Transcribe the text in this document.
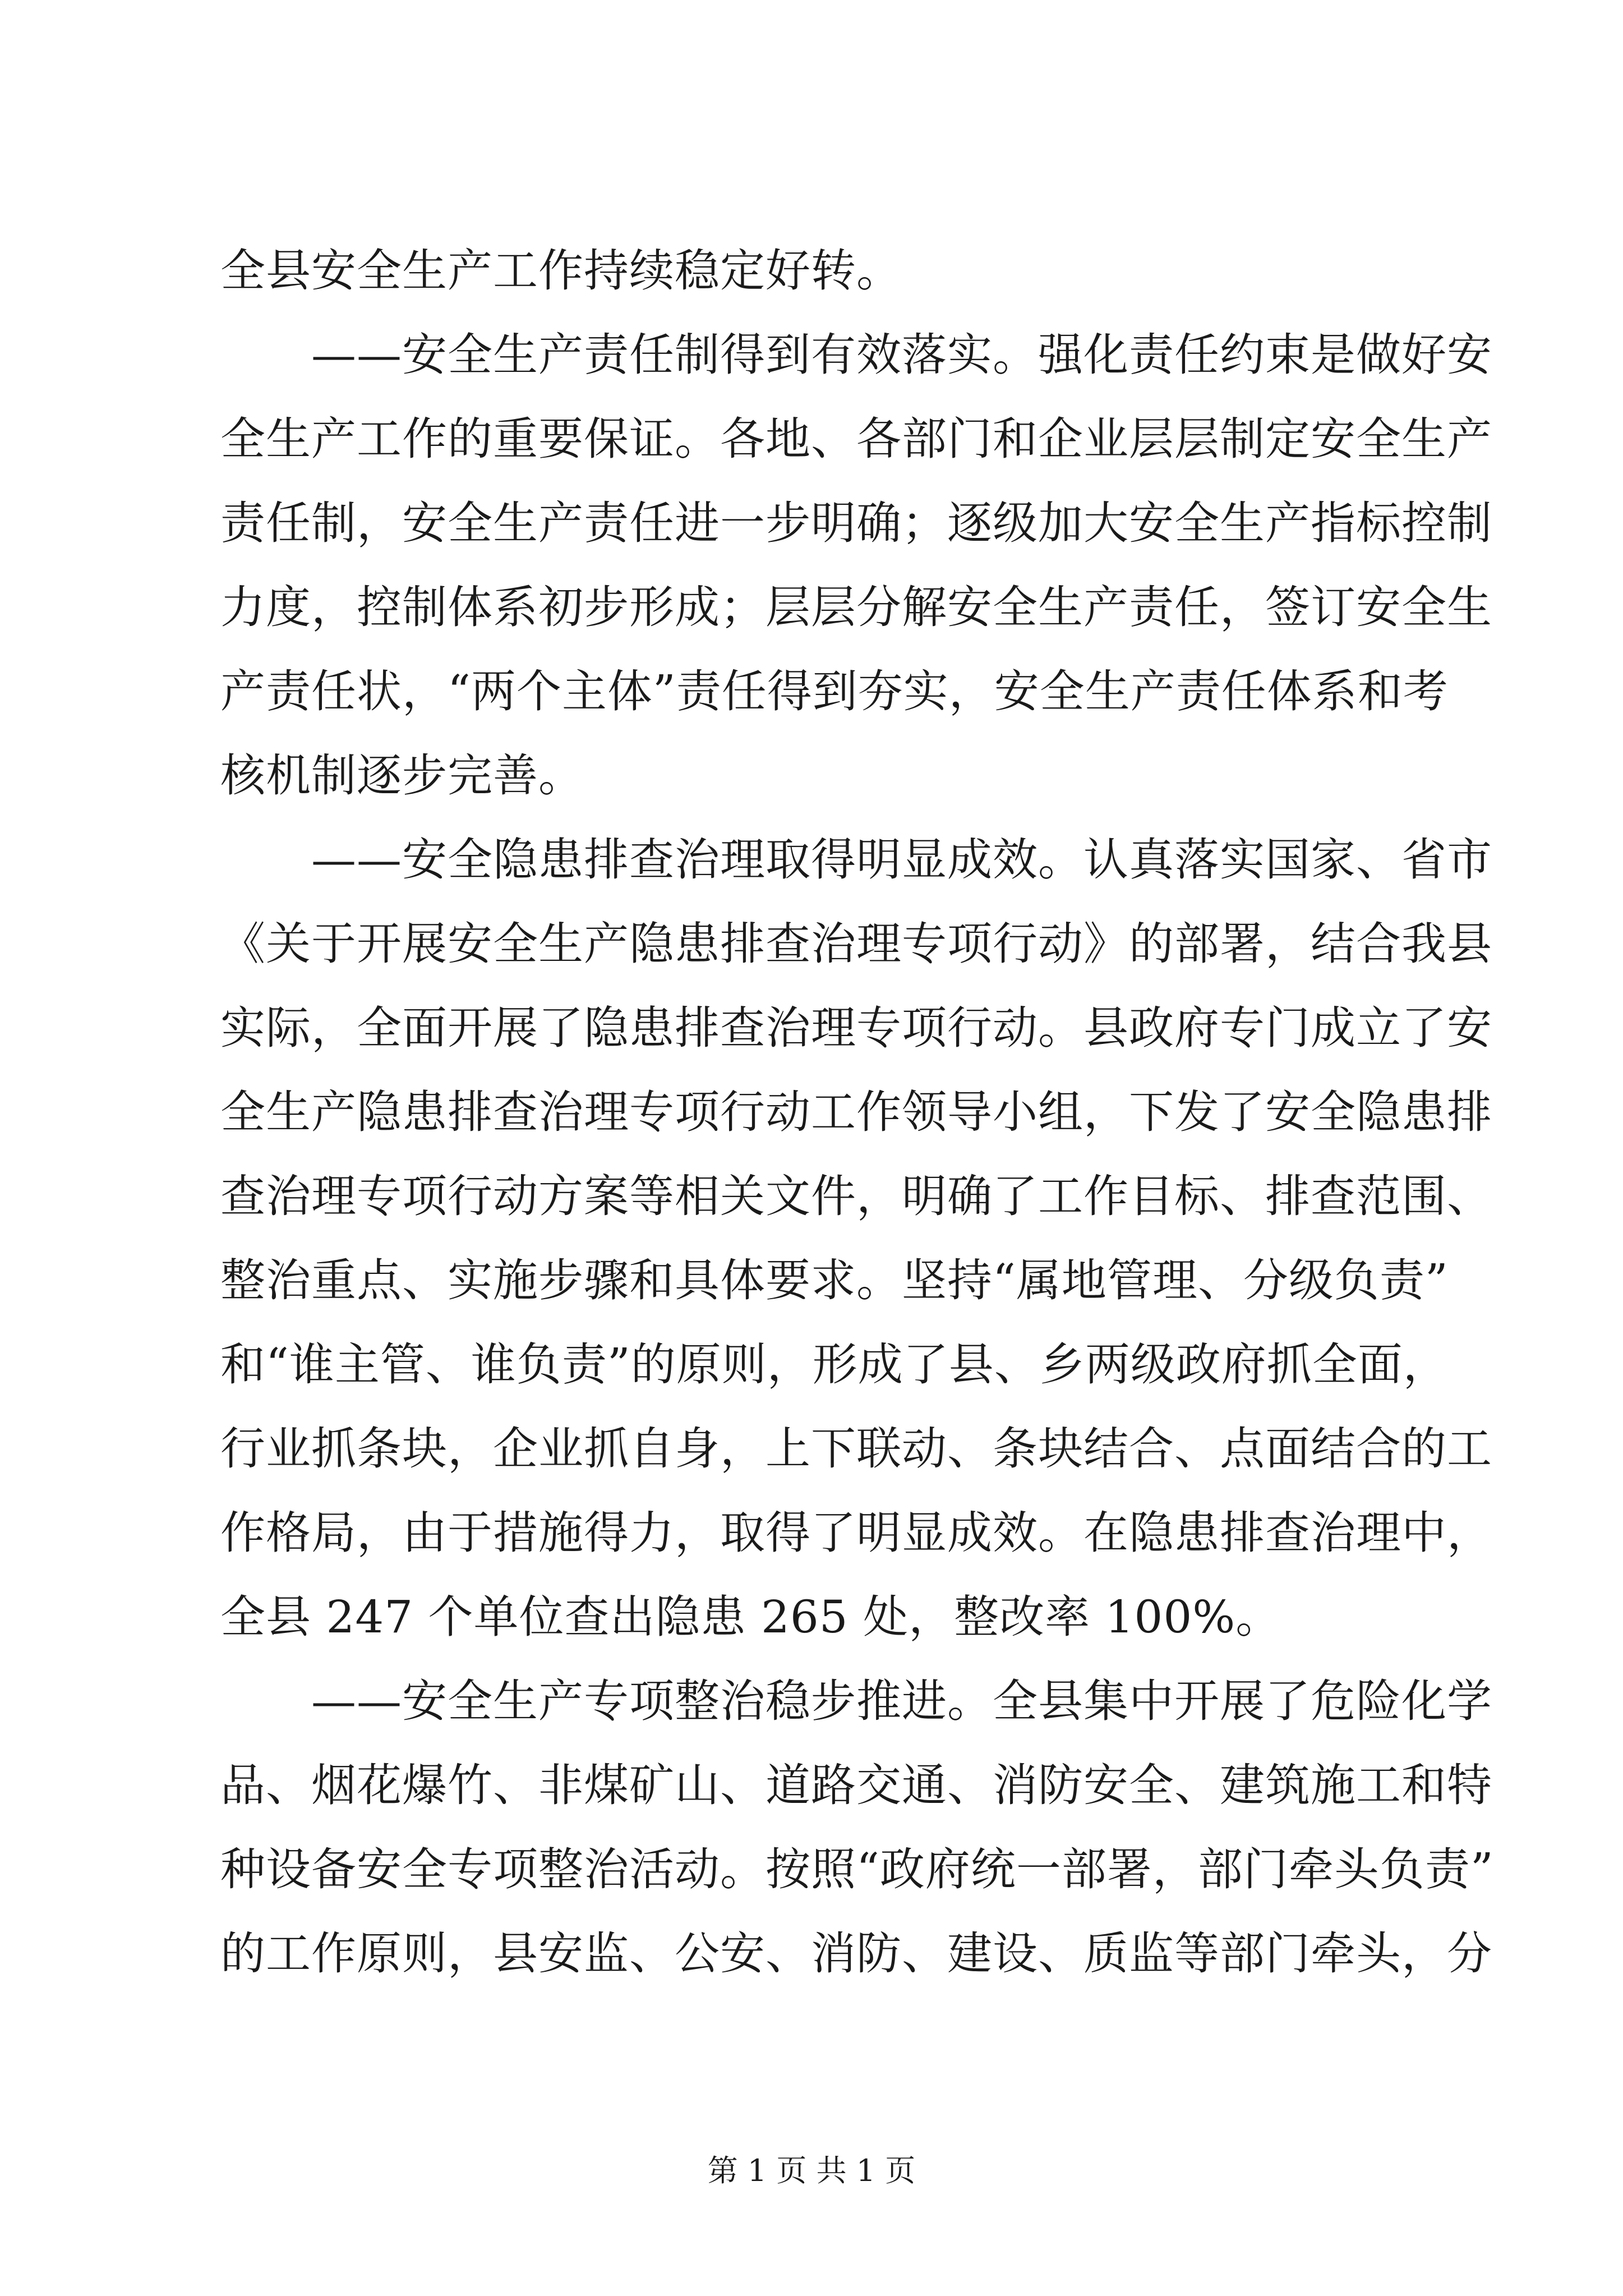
全县安全生产工作持续稳定好转。
　　——安全生产责任制得到有效落实。强化责任约束是做好安
全生产工作的重要保证。各地、各部门和企业层层制定安全生产
责任制，安全生产责任进一步明确；逐级加大安全生产指标控制
力度，控制体系初步形成；层层分解安全生产责任，签订安全生
产责任状，“两个主体”责任得到夯实，安全生产责任体系和考
核机制逐步完善。
　　——安全隐患排查治理取得明显成效。认真落实国家、省市
《关于开展安全生产隐患排查治理专项行动》的部署，结合我县
实际，全面开展了隐患排查治理专项行动。县政府专门成立了安
全生产隐患排查治理专项行动工作领导小组，下发了安全隐患排
查治理专项行动方案等相关文件，明确了工作目标、排查范围、
整治重点、实施步骤和具体要求。坚持“属地管理、分级负责”
和“谁主管、谁负责”的原则，形成了县、乡两级政府抓全面，
行业抓条块，企业抓自身，上下联动、条块结合、点面结合的工
作格局，由于措施得力，取得了明显成效。在隐患排查治理中，
全县 247 个单位查出隐患 265 处，整改率 100%。
　　——安全生产专项整治稳步推进。全县集中开展了危险化学
品、烟花爆竹、非煤矿山、道路交通、消防安全、建筑施工和特
种设备安全专项整治活动。按照“政府统一部署，部门牵头负责”
的工作原则，县安监、公安、消防、建设、质监等部门牵头，分
第 1 页 共 1 页
